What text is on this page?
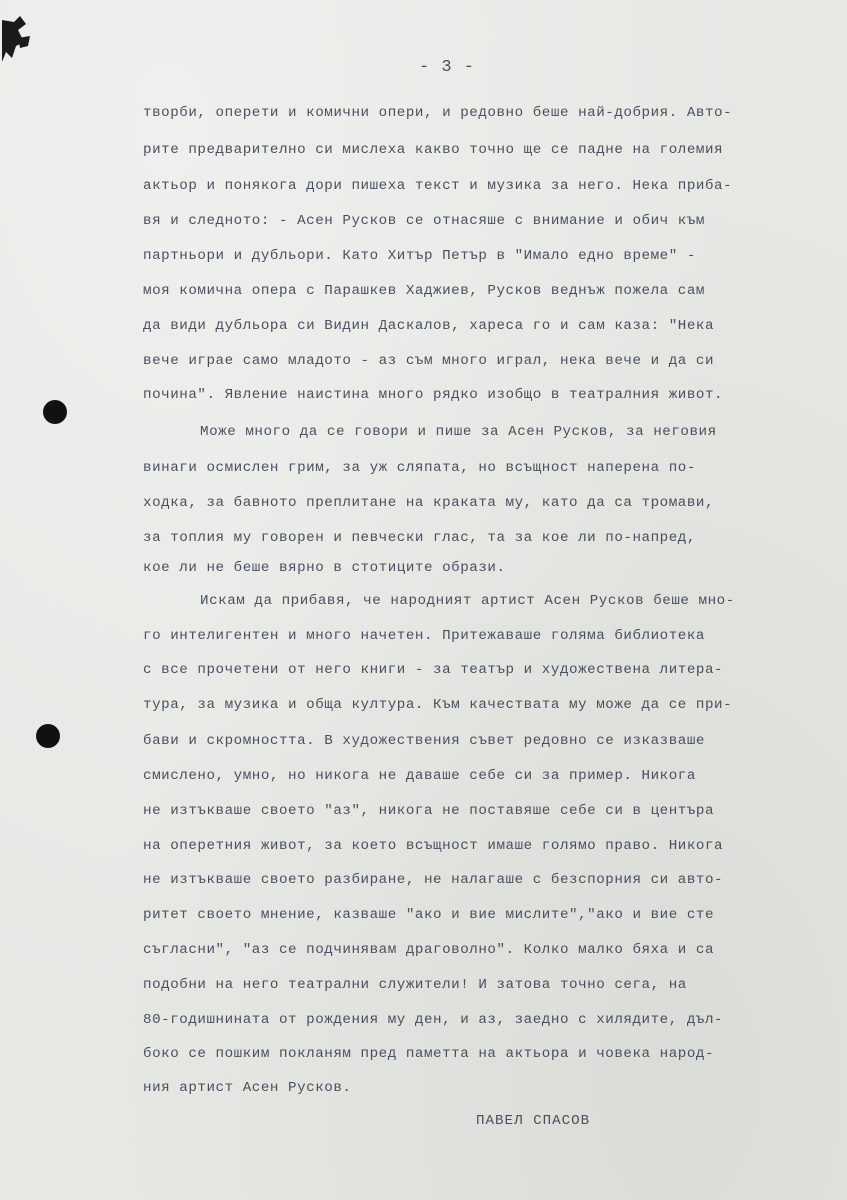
- 3 -
творби, оперети и комични опери, и редовно беше най-добрия. Авто-
рите предварително си мислеха какво точно ще се падне на големия
актьор и понякога дори пишеха текст и музика за него. Нека приба-
вя и следното: - Асен Русков се отнасяше с внимание и обич към
партньори и дубльори. Като Хитър Петър в "Имало едно време" -
моя комична опера с Парашкев Хаджиев, Русков веднъж пожела сам
да види дубльора си Видин Даскалов, хареса го и сам каза: "Нека
вече играе само младото - аз съм много играл, нека вече и да си
почина". Явление наистина много рядко изобщо в театралния живот.
Може много да се говори и пише за Асен Русков, за неговия
винаги осмислен грим, за уж сляпата, но всъщност наперена по-
ходка, за бавното преплитане на краката му, като да са тромави,
за топлия му говорен и певчески глас, та за кое ли по-напред,
кое ли не беше вярно в стотиците образи.
Искам да прибавя, че народният артист Асен Русков беше мно-
го интелигентен и много начетен. Притежаваше голяма библиотека
с все прочетени от него книги - за театър и художествена литера-
тура, за музика и обща култура. Към качествата му може да се при-
бави и скромността. В художествения съвет редовно се изказваше
смислено, умно, но никога не даваше себе си за пример. Никога
не изтъкваше своето "аз", никога не поставяше себе си в центъра
на оперетния живот, за което всъщност имаше голямо право. Никога
не изтъкваше своето разбиране, не налагаше с безспорния си авто-
ритет своето мнение, казваше "ако и вие мислите","ако и вие сте
съгласни", "аз се подчинявам драговолно". Колко малко бяха и са
подобни на него театрални служители! И затова точно сега, на
80-годишнината от рождения му ден, и аз, заедно с хилядите, дъл-
боко се пошким покланям пред паметта на актьора и човека народ-
ния артист Асен Русков.
ПАВЕЛ СПАСОВ
